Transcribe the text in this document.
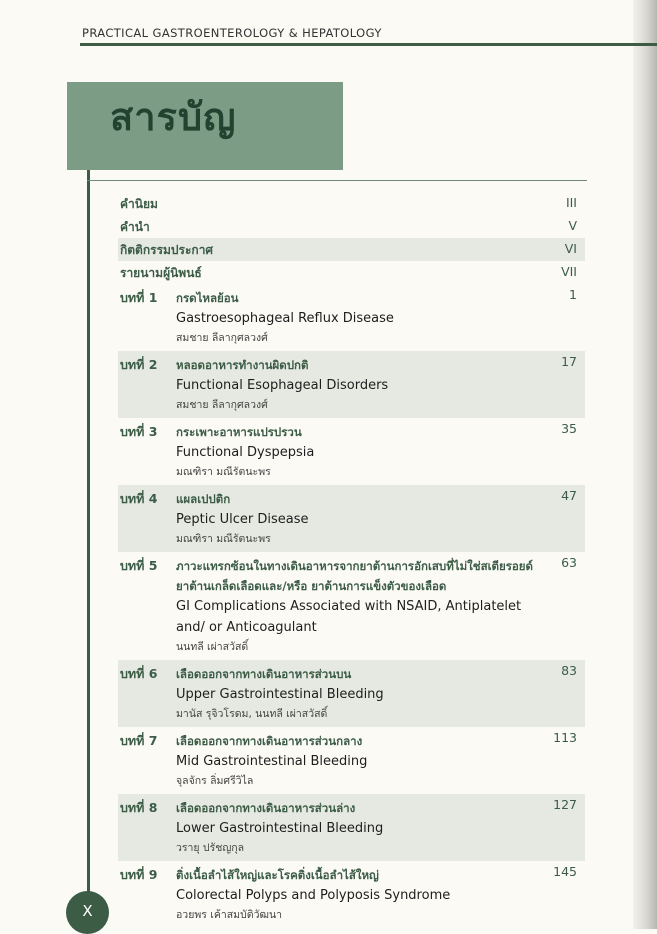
PRACTICAL GASTROENTEROLOGY & HEPATOLOGY
สารบัญ
คำนิยม	III
คำนำ	V
กิตติกรรมประกาศ	VI
รายนามผู้นิพนธ์	VII
บทที่ 1	1
กรดไหลย้อน
Gastroesophageal Reflux Disease
สมชาย ลีลากุศลวงศ์
บทที่ 2	17
หลอดอาหารทำงานผิดปกติ
Functional Esophageal Disorders
สมชาย ลีลากุศลวงศ์
บทที่ 3	35
กระเพาะอาหารแปรปรวน
Functional Dyspepsia
มณฑิรา มณีรัตนะพร
บทที่ 4	47
แผลเปปติก
Peptic Ulcer Disease
มณฑิรา มณีรัตนะพร
บทที่ 5	63
ภาวะแทรกซ้อนในทางเดินอาหารจากยาต้านการอักเสบที่ไม่ใช่สเตียรอยด์ ยาต้านเกล็ดเลือดและ/หรือ ยาต้านการแข็งตัวของเลือด
GI Complications Associated with NSAID, Antiplatelet and/ or Anticoagulant
นนทลี เผ่าสวัสดิ์
บทที่ 6	83
เลือดออกจากทางเดินอาหารส่วนบน
Upper Gastrointestinal Bleeding
มานัส รุจิวโรดม, นนทลี เผ่าสวัสดิ์
บทที่ 7	113
เลือดออกจากทางเดินอาหารส่วนกลาง
Mid Gastrointestinal Bleeding
จุลจักร ลิ่มศรีวิไล
บทที่ 8	127
เลือดออกจากทางเดินอาหารส่วนล่าง
Lower Gastrointestinal Bleeding
วรายุ ปรัชญกุล
บทที่ 9	145
ติ่งเนื้อลำไส้ใหญ่และโรคติ่งเนื้อลำไส้ใหญ่
Colorectal Polyps and Polyposis Syndrome
อวยพร เค้าสมบัติวัฒนา
X
